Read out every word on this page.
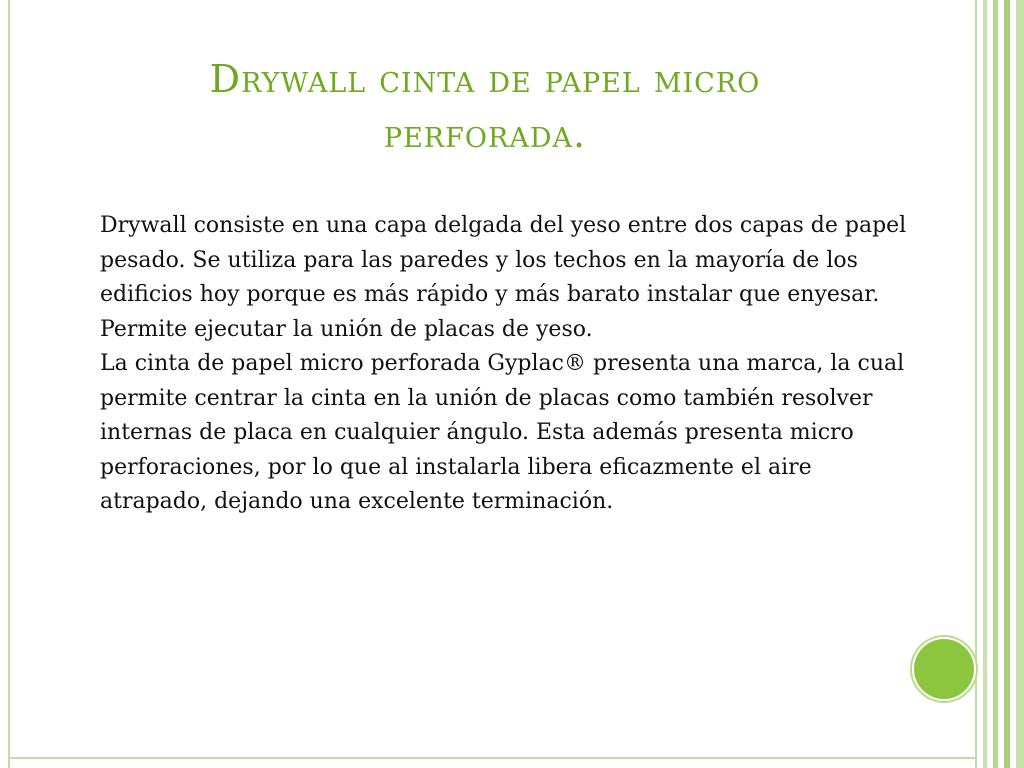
Drywall cinta de papel micro perforada.

Drywall consiste en una capa delgada del yeso entre dos capas de papel pesado. Se utiliza para las paredes y los techos en la mayoría de los edificios hoy porque es más rápido y más barato instalar que enyesar. Permite ejecutar la unión de placas de yeso.

La cinta de papel micro perforada Gyplac® presenta una marca, la cual permite centrar la cinta en la unión de placas como también resolver internas de placa en cualquier ángulo. Esta además presenta micro perforaciones, por lo que al instalarla libera eficazmente el aire atrapado, dejando una excelente terminación.
